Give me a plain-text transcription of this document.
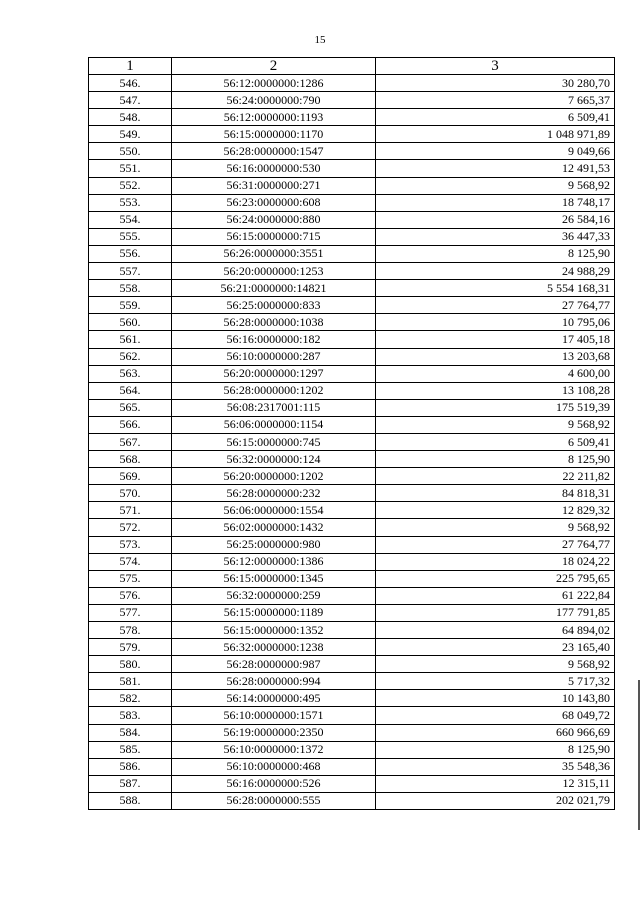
15
1	2	3
546.	56:12:0000000:1286	30 280,70
547.	56:24:0000000:790	7 665,37
548.	56:12:0000000:1193	6 509,41
549.	56:15:0000000:1170	1 048 971,89
550.	56:28:0000000:1547	9 049,66
551.	56:16:0000000:530	12 491,53
552.	56:31:0000000:271	9 568,92
553.	56:23:0000000:608	18 748,17
554.	56:24:0000000:880	26 584,16
555.	56:15:0000000:715	36 447,33
556.	56:26:0000000:3551	8 125,90
557.	56:20:0000000:1253	24 988,29
558.	56:21:0000000:14821	5 554 168,31
559.	56:25:0000000:833	27 764,77
560.	56:28:0000000:1038	10 795,06
561.	56:16:0000000:182	17 405,18
562.	56:10:0000000:287	13 203,68
563.	56:20:0000000:1297	4 600,00
564.	56:28:0000000:1202	13 108,28
565.	56:08:2317001:115	175 519,39
566.	56:06:0000000:1154	9 568,92
567.	56:15:0000000:745	6 509,41
568.	56:32:0000000:124	8 125,90
569.	56:20:0000000:1202	22 211,82
570.	56:28:0000000:232	84 818,31
571.	56:06:0000000:1554	12 829,32
572.	56:02:0000000:1432	9 568,92
573.	56:25:0000000:980	27 764,77
574.	56:12:0000000:1386	18 024,22
575.	56:15:0000000:1345	225 795,65
576.	56:32:0000000:259	61 222,84
577.	56:15:0000000:1189	177 791,85
578.	56:15:0000000:1352	64 894,02
579.	56:32:0000000:1238	23 165,40
580.	56:28:0000000:987	9 568,92
581.	56:28:0000000:994	5 717,32
582.	56:14:0000000:495	10 143,80
583.	56:10:0000000:1571	68 049,72
584.	56:19:0000000:2350	660 966,69
585.	56:10:0000000:1372	8 125,90
586.	56:10:0000000:468	35 548,36
587.	56:16:0000000:526	12 315,11
588.	56:28:0000000:555	202 021,79
